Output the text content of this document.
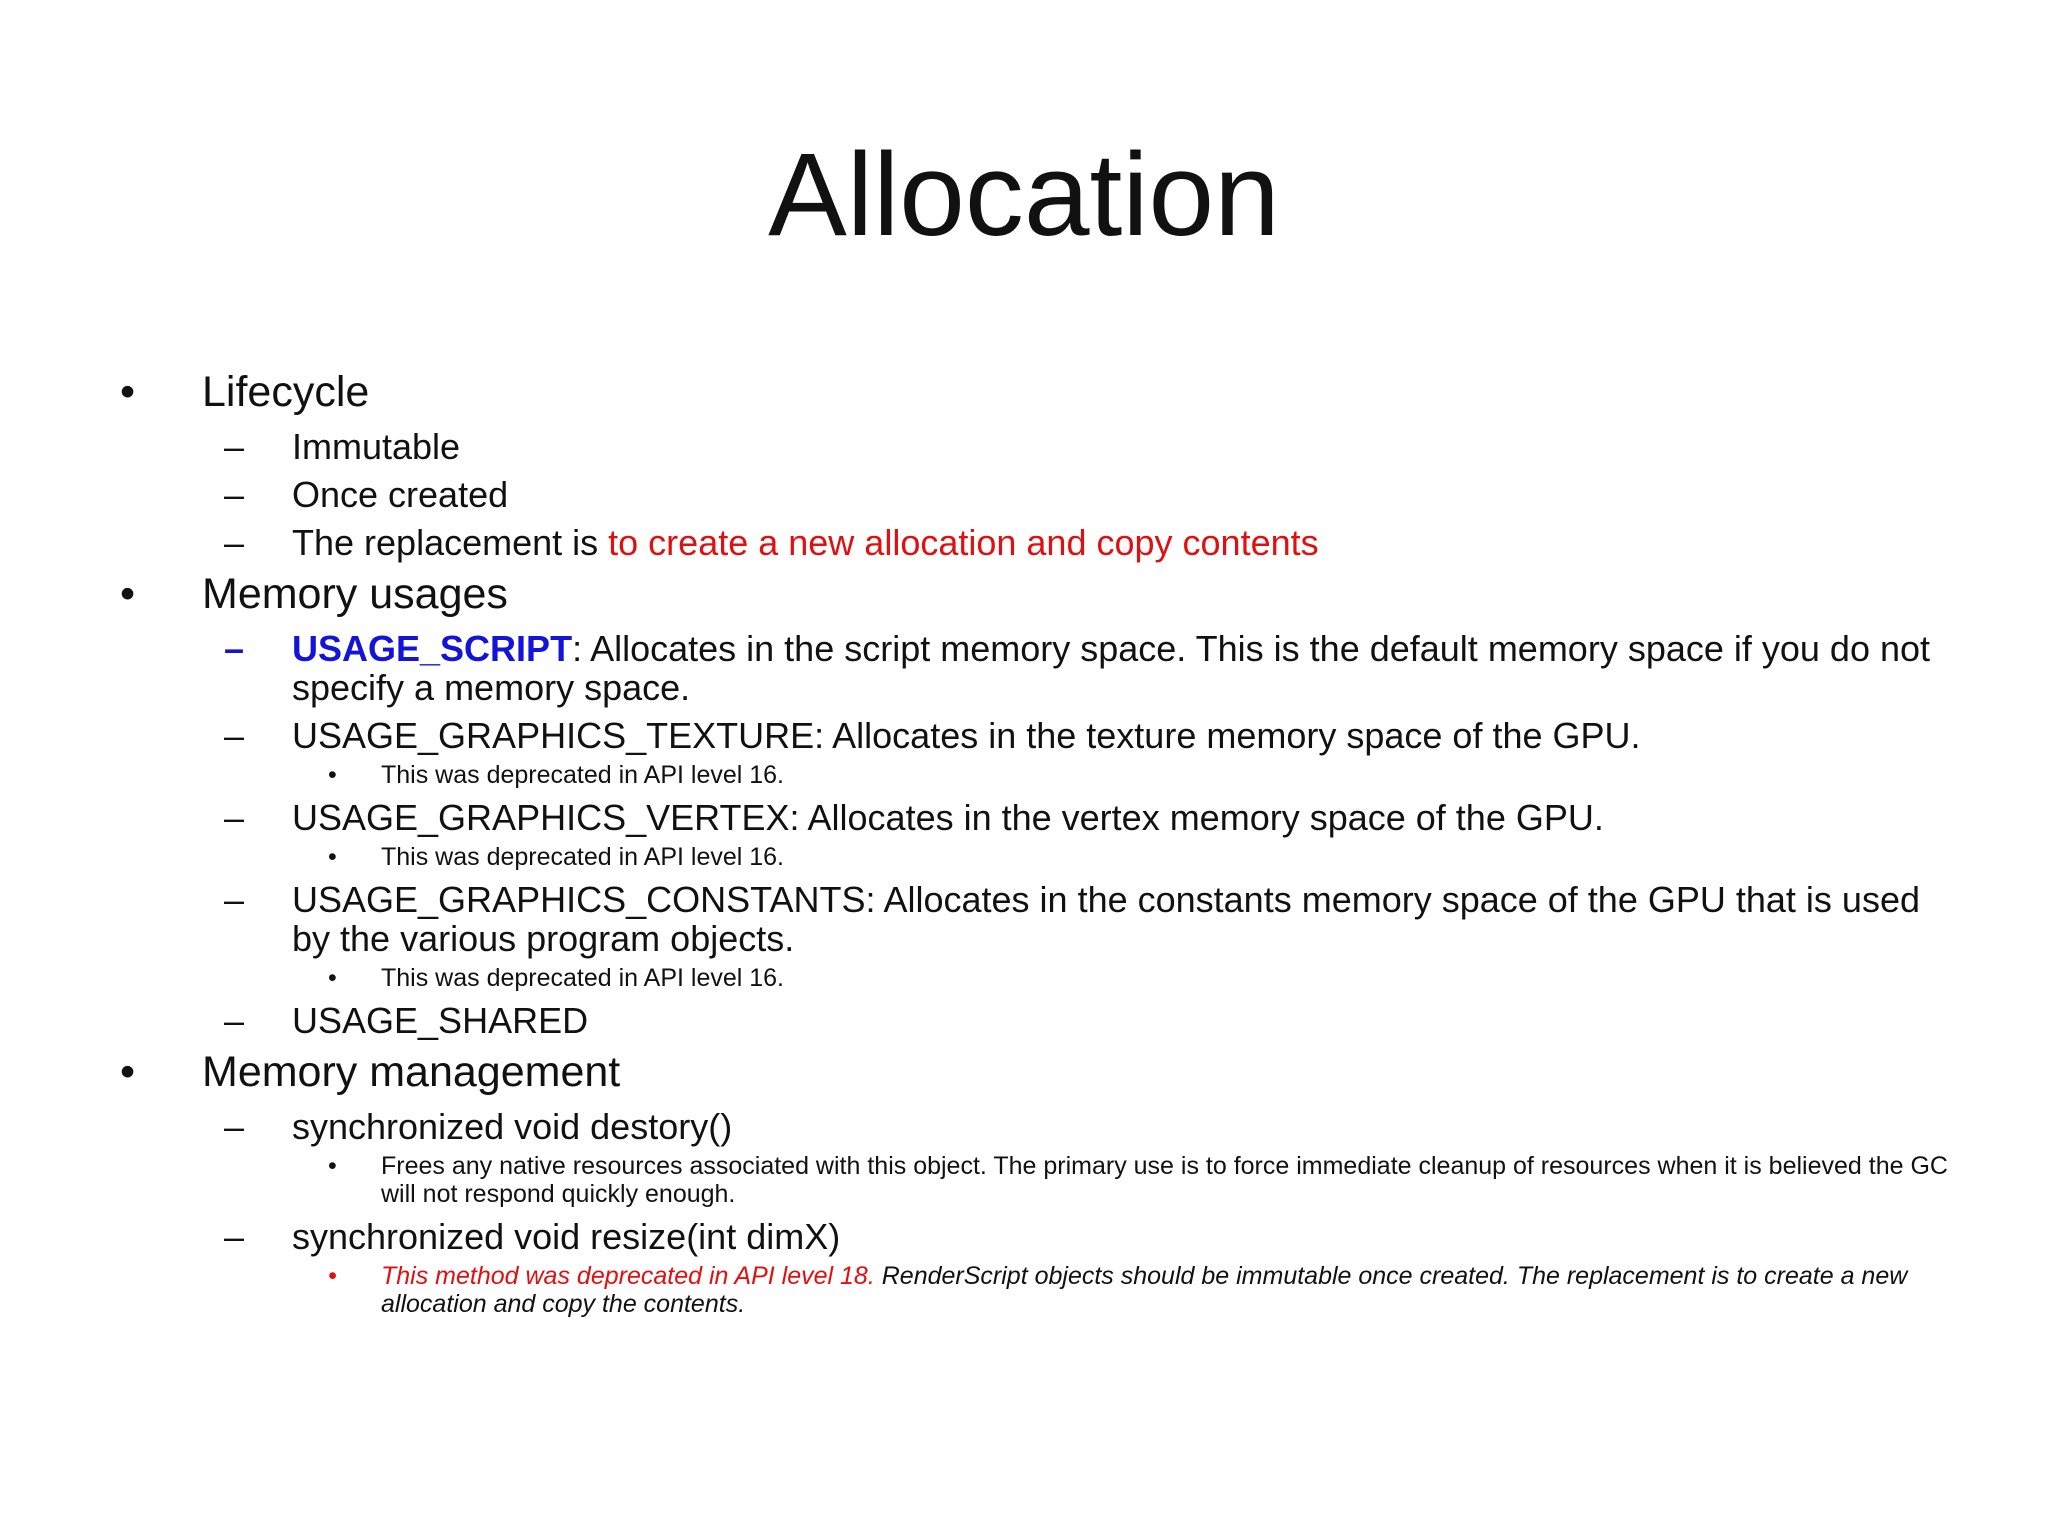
Allocation
•	Lifecycle
–	Immutable
–	Once created
–	The replacement is to create a new allocation and copy contents
•	Memory usages
–	USAGE_SCRIPT: Allocates in the script memory space. This is the default memory space if you do not specify a memory space.
–	USAGE_GRAPHICS_TEXTURE: Allocates in the texture memory space of the GPU.
•	This was deprecated in API level 16.
–	USAGE_GRAPHICS_VERTEX: Allocates in the vertex memory space of the GPU.
•	This was deprecated in API level 16.
–	USAGE_GRAPHICS_CONSTANTS: Allocates in the constants memory space of the GPU that is used by the various program objects.
•	This was deprecated in API level 16.
–	USAGE_SHARED
•	Memory management
–	synchronized void destory()
•	Frees any native resources associated with this object. The primary use is to force immediate cleanup of resources when it is believed the GC will not respond quickly enough.
–	synchronized void resize(int dimX)
•	This method was deprecated in API level 18. RenderScript objects should be immutable once created. The replacement is to create a new allocation and copy the contents.
